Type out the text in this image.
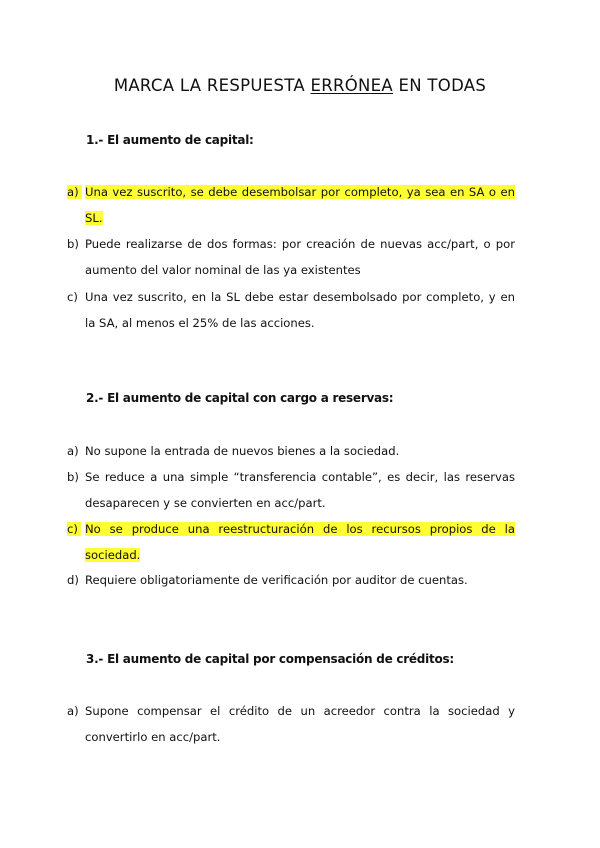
MARCA LA RESPUESTA ERRÓNEA EN TODAS
1.- El aumento de capital:
a) Una vez suscrito, se debe desembolsar por completo, ya sea en SA o en SL.
b) Puede realizarse de dos formas: por creación de nuevas acc/part, o por aumento del valor nominal de las ya existentes
c) Una vez suscrito, en la SL debe estar desembolsado por completo, y en la SA, al menos el 25% de las acciones.
2.- El aumento de capital con cargo a reservas:
a) No supone la entrada de nuevos bienes a la sociedad.
b) Se reduce a una simple “transferencia contable”, es decir, las reservas desaparecen y se convierten en acc/part.
c) No se produce una reestructuración de los recursos propios de la sociedad.
d) Requiere obligatoriamente de verificación por auditor de cuentas.
3.- El aumento de capital por compensación de créditos:
a) Supone compensar el crédito de un acreedor contra la sociedad y convertirlo en acc/part.
